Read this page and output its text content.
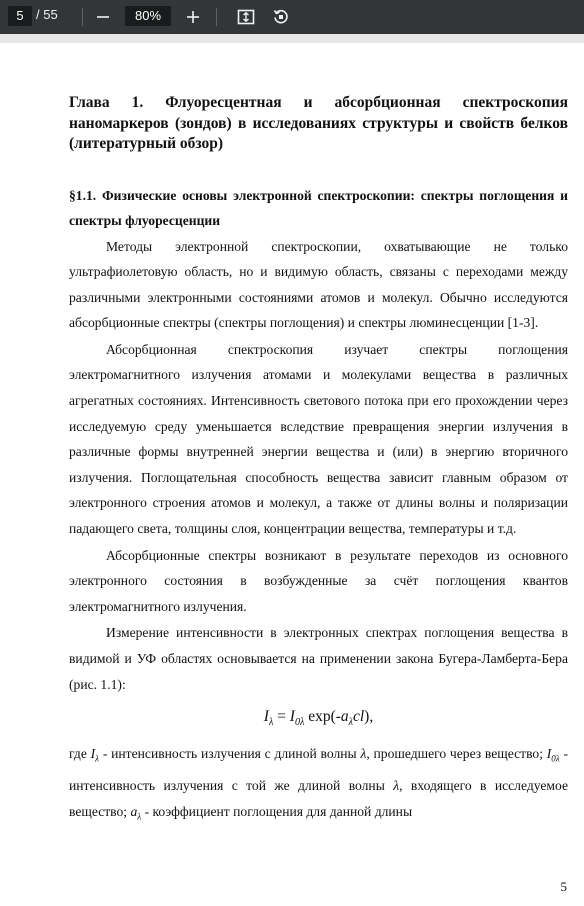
5 / 55	80%

Глава 1. Флуоресцентная и абсорбционная спектроскопия наномаркеров (зондов) в исследованиях структуры и свойств белков (литературный обзор)

§1.1. Физические основы электронной спектроскопии: спектры поглощения и спектры флуоресценции

Методы электронной спектроскопии, охватывающие не только ультрафиолетовую область, но и видимую область, связаны с переходами между различными электронными состояниями атомов и молекул. Обычно исследуются абсорбционные спектры (спектры поглощения) и спектры люминесценции [1-3].

Абсорбционная спектроскопия изучает спектры поглощения электромагнитного излучения атомами и молекулами вещества в различных агрегатных состояниях. Интенсивность светового потока при его прохождении через исследуемую среду уменьшается вследствие превращения энергии излучения в различные формы внутренней энергии вещества и (или) в энергию вторичного излучения. Поглощательная способность вещества зависит главным образом от электронного строения атомов и молекул, а также от длины волны и поляризации падающего света, толщины слоя, концентрации вещества, температуры и т.д.

Абсорбционные спектры возникают в результате переходов из основного электронного состояния в возбужденные за счёт поглощения квантов электромагнитного излучения.

Измерение интенсивности в электронных спектрах поглощения вещества в видимой и УФ областях основывается на применении закона Бугера-Ламберта-Бера (рис. 1.1):

$I_\lambda = I_{0\lambda}$ $\exp(-a_\lambda cl)$,

где $I_\lambda$ - интенсивность излучения с длиной волны λ, прошедшего через вещество; $I_{0\lambda}$ - интенсивность излучения с той же длиной волны λ, входящего в исследуемое вещество; $a_\lambda$ - коэффициент поглощения для данной длины

5
